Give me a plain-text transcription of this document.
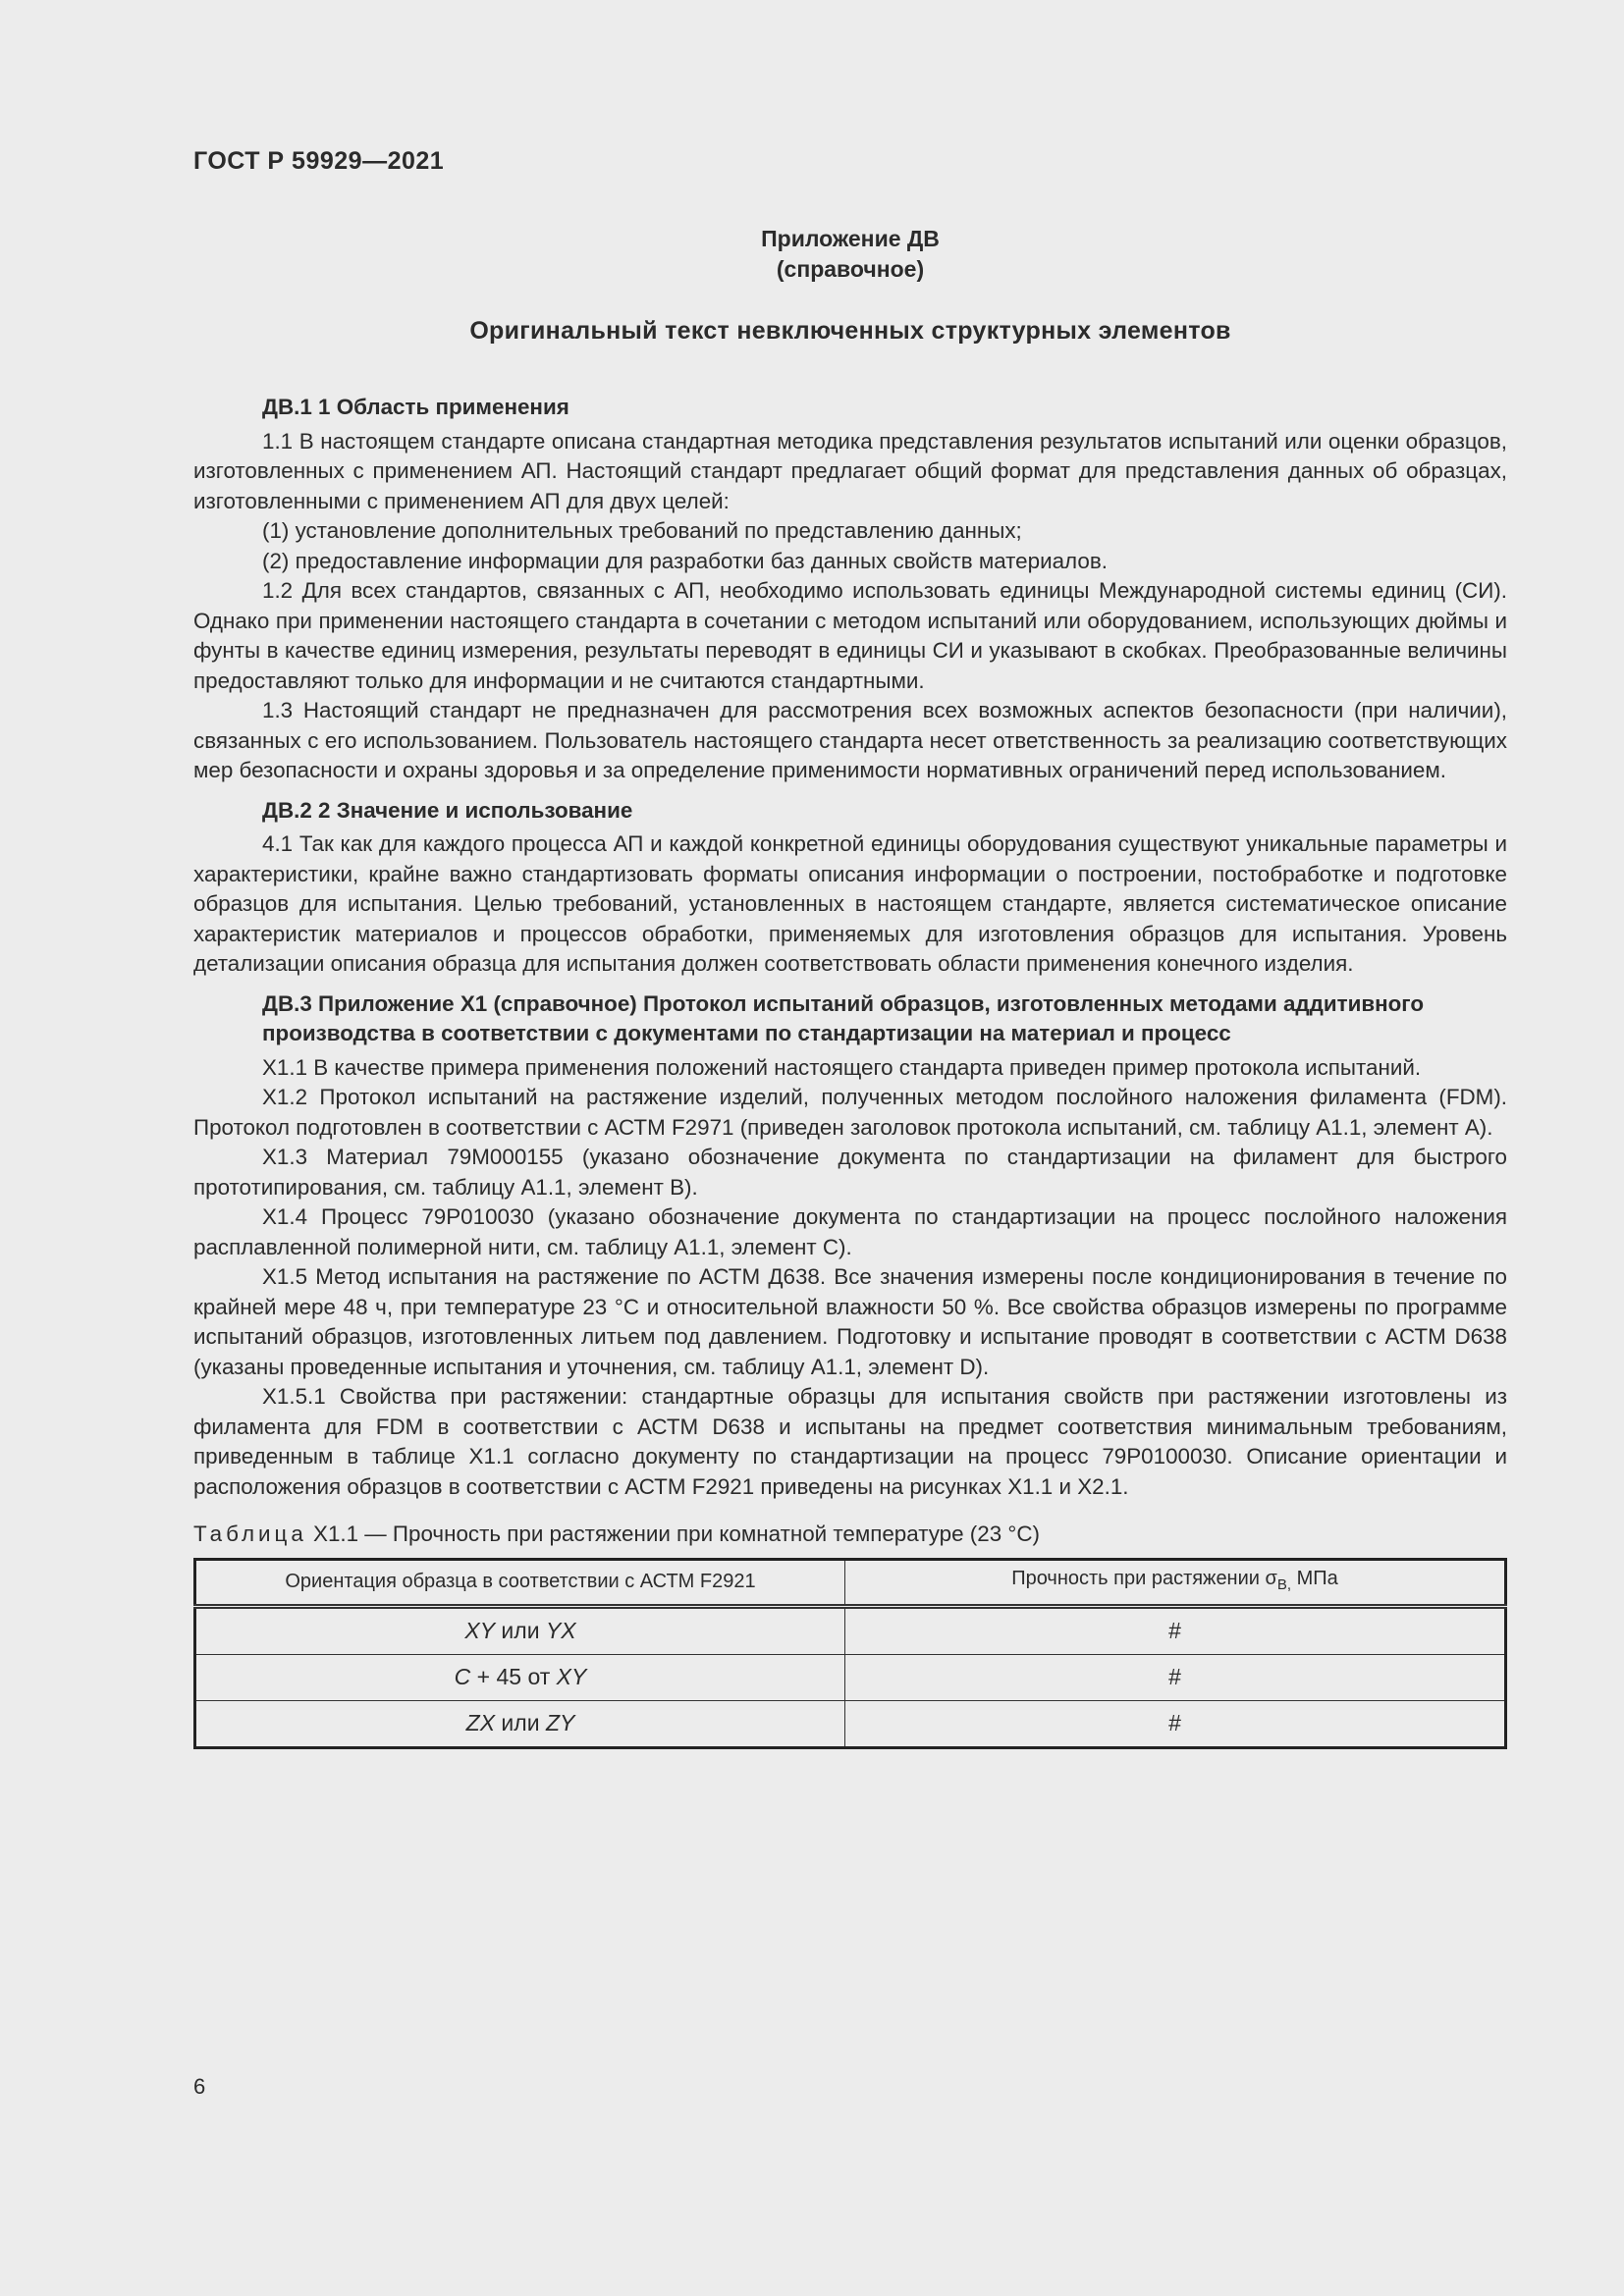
ГОСТ Р 59929—2021
Приложение ДВ
(справочное)
Оригинальный текст невключенных структурных элементов
ДВ.1 1 Область применения

1.1 В настоящем стандарте описана стандартная методика представления результатов испытаний или оценки образцов, изготовленных с применением АП. Настоящий стандарт предлагает общий формат для представления данных об образцах, изготовленными с применением АП для двух целей:

(1) установление дополнительных требований по представлению данных;

(2) предоставление информации для разработки баз данных свойств материалов.

1.2 Для всех стандартов, связанных с АП, необходимо использовать единицы Международной системы единиц (СИ). Однако при применении настоящего стандарта в сочетании с методом испытаний или оборудованием, использующих дюймы и фунты в качестве единиц измерения, результаты переводят в единицы СИ и указывают в скобках. Преобразованные величины предоставляют только для информации и не считаются стандартными.

1.3 Настоящий стандарт не предназначен для рассмотрения всех возможных аспектов безопасности (при наличии), связанных с его использованием. Пользователь настоящего стандарта несет ответственность за реализацию соответствующих мер безопасности и охраны здоровья и за определение применимости нормативных ограничений перед использованием.

ДВ.2 2 Значение и использование

4.1 Так как для каждого процесса АП и каждой конкретной единицы оборудования существуют уникальные параметры и характеристики, крайне важно стандартизовать форматы описания информации о построении, постобработке и подготовке образцов для испытания. Целью требований, установленных в настоящем стандарте, является систематическое описание характеристик материалов и процессов обработки, применяемых для изготовления образцов для испытания. Уровень детализации описания образца для испытания должен соответствовать области применения конечного изделия.

ДВ.3 Приложение X1 (справочное) Протокол испытаний образцов, изготовленных методами аддитивного производства в соответствии с документами по стандартизации на материал и процесс

X1.1 В качестве примера применения положений настоящего стандарта приведен пример протокола испытаний.

X1.2 Протокол испытаний на растяжение изделий, полученных методом послойного наложения филамента (FDM). Протокол подготовлен в соответствии с АСТМ F2971 (приведен заголовок протокола испытаний, см. таблицу А1.1, элемент А).

X1.3 Материал 79M000155 (указано обозначение документа по стандартизации на филамент для быстрого прототипирования, см. таблицу А1.1, элемент В).

X1.4 Процесс 79P010030 (указано обозначение документа по стандартизации на процесс послойного наложения расплавленной полимерной нити, см. таблицу А1.1, элемент С).

X1.5 Метод испытания на растяжение по АСТМ Д638. Все значения измерены после кондиционирования в течение по крайней мере 48 ч, при температуре 23 °С и относительной влажности 50 %. Все свойства образцов измерены по программе испытаний образцов, изготовленных литьем под давлением. Подготовку и испытание проводят в соответствии с АСТМ D638 (указаны проведенные испытания и уточнения, см. таблицу А1.1, элемент D).

X1.5.1 Свойства при растяжении: стандартные образцы для испытания свойств при растяжении изготовлены из филамента для FDM в соответствии с АСТМ D638 и испытаны на предмет соответствия минимальным требованиям, приведенным в таблице X1.1 согласно документу по стандартизации на процесс 79P0100030. Описание ориентации и расположения образцов в соответствии с АСТМ F2921 приведены на рисунках X1.1 и X2.1.

Таблица X1.1 — Прочность при растяжении при комнатной температуре (23 °С)
Ориентация образца в соответствии с АСТМ F2921	Прочность при растяжении $\sigma_{В,}$ МПа
XY или YX	#
C + 45 от XY	#
ZX или ZY	#
6
